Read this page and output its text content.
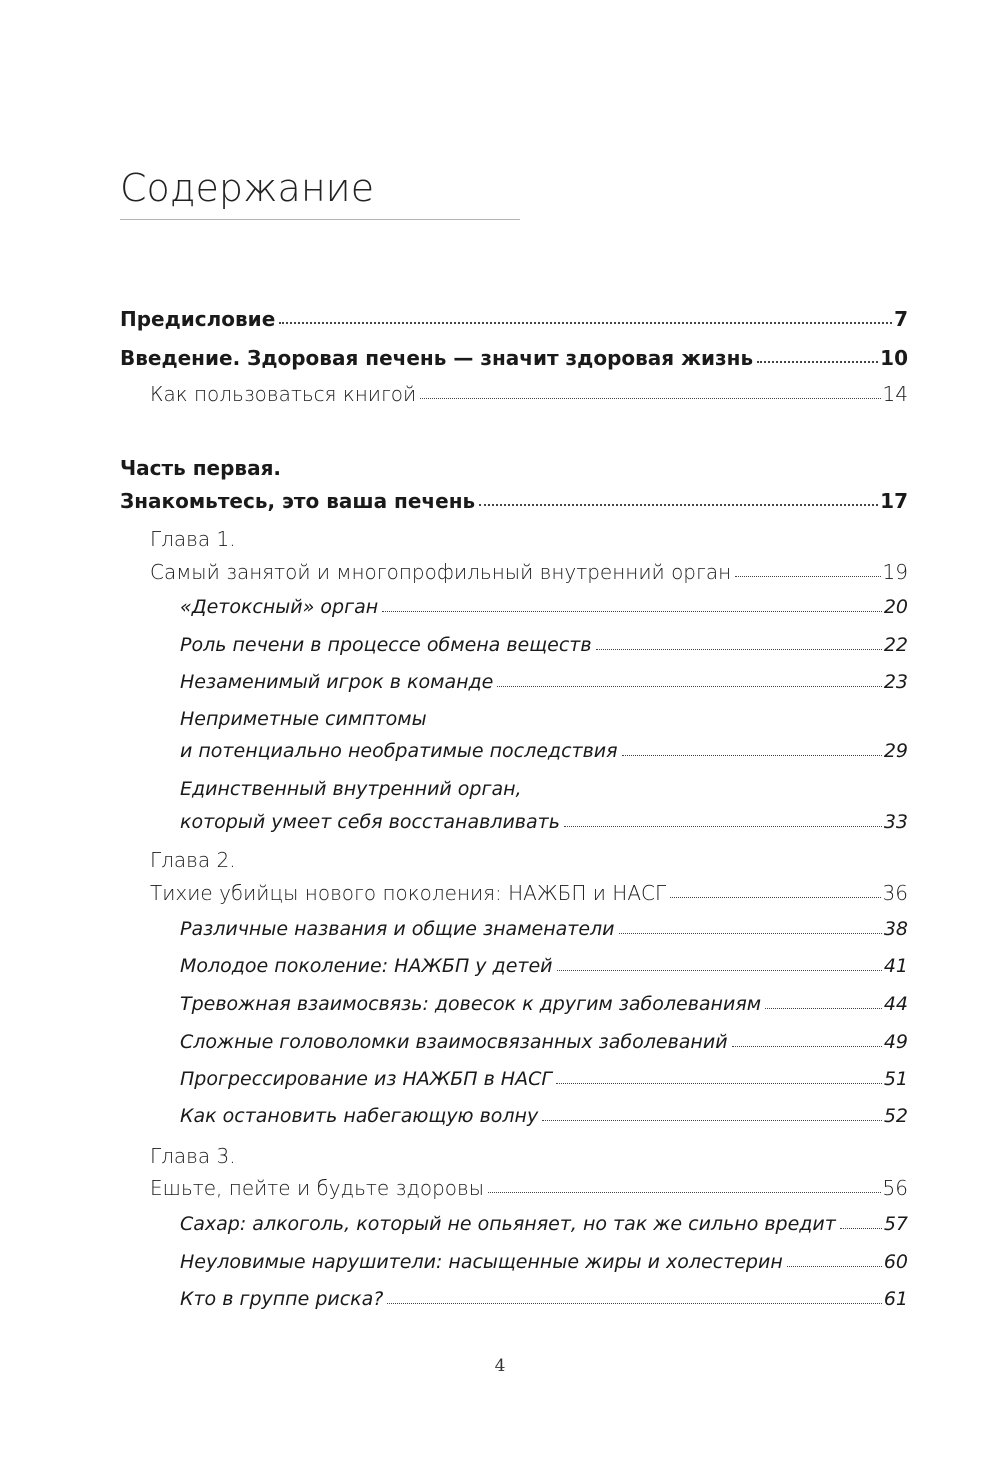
Содержание
Предисловие	7
Введение. Здоровая печень — значит здоровая жизнь	10
Как пользоваться книгой	14
Часть первая.
Знакомьтесь, это ваша печень	17
Глава 1.
Самый занятой и многопрофильный внутренний орган	19
«Детоксный» орган	20
Роль печени в процессе обмена веществ	22
Незаменимый игрок в команде	23
Неприметные симптомы
и потенциально необратимые последствия	29
Единственный внутренний орган,
который умеет себя восстанавливать	33
Глава 2.
Тихие убийцы нового поколения: НАЖБП и НАСГ	36
Различные названия и общие знаменатели	38
Молодое поколение: НАЖБП у детей	41
Тревожная взаимосвязь: довесок к другим заболеваниям	44
Сложные головоломки взаимосвязанных заболеваний	49
Прогрессирование из НАЖБП в НАСГ	51
Как остановить набегающую волну	52
Глава 3.
Ешьте, пейте и будьте здоровы	56
Сахар: алкоголь, который не опьяняет, но так же сильно вредит	57
Неуловимые нарушители: насыщенные жиры и холестерин	60
Кто в группе риска?	61
4
